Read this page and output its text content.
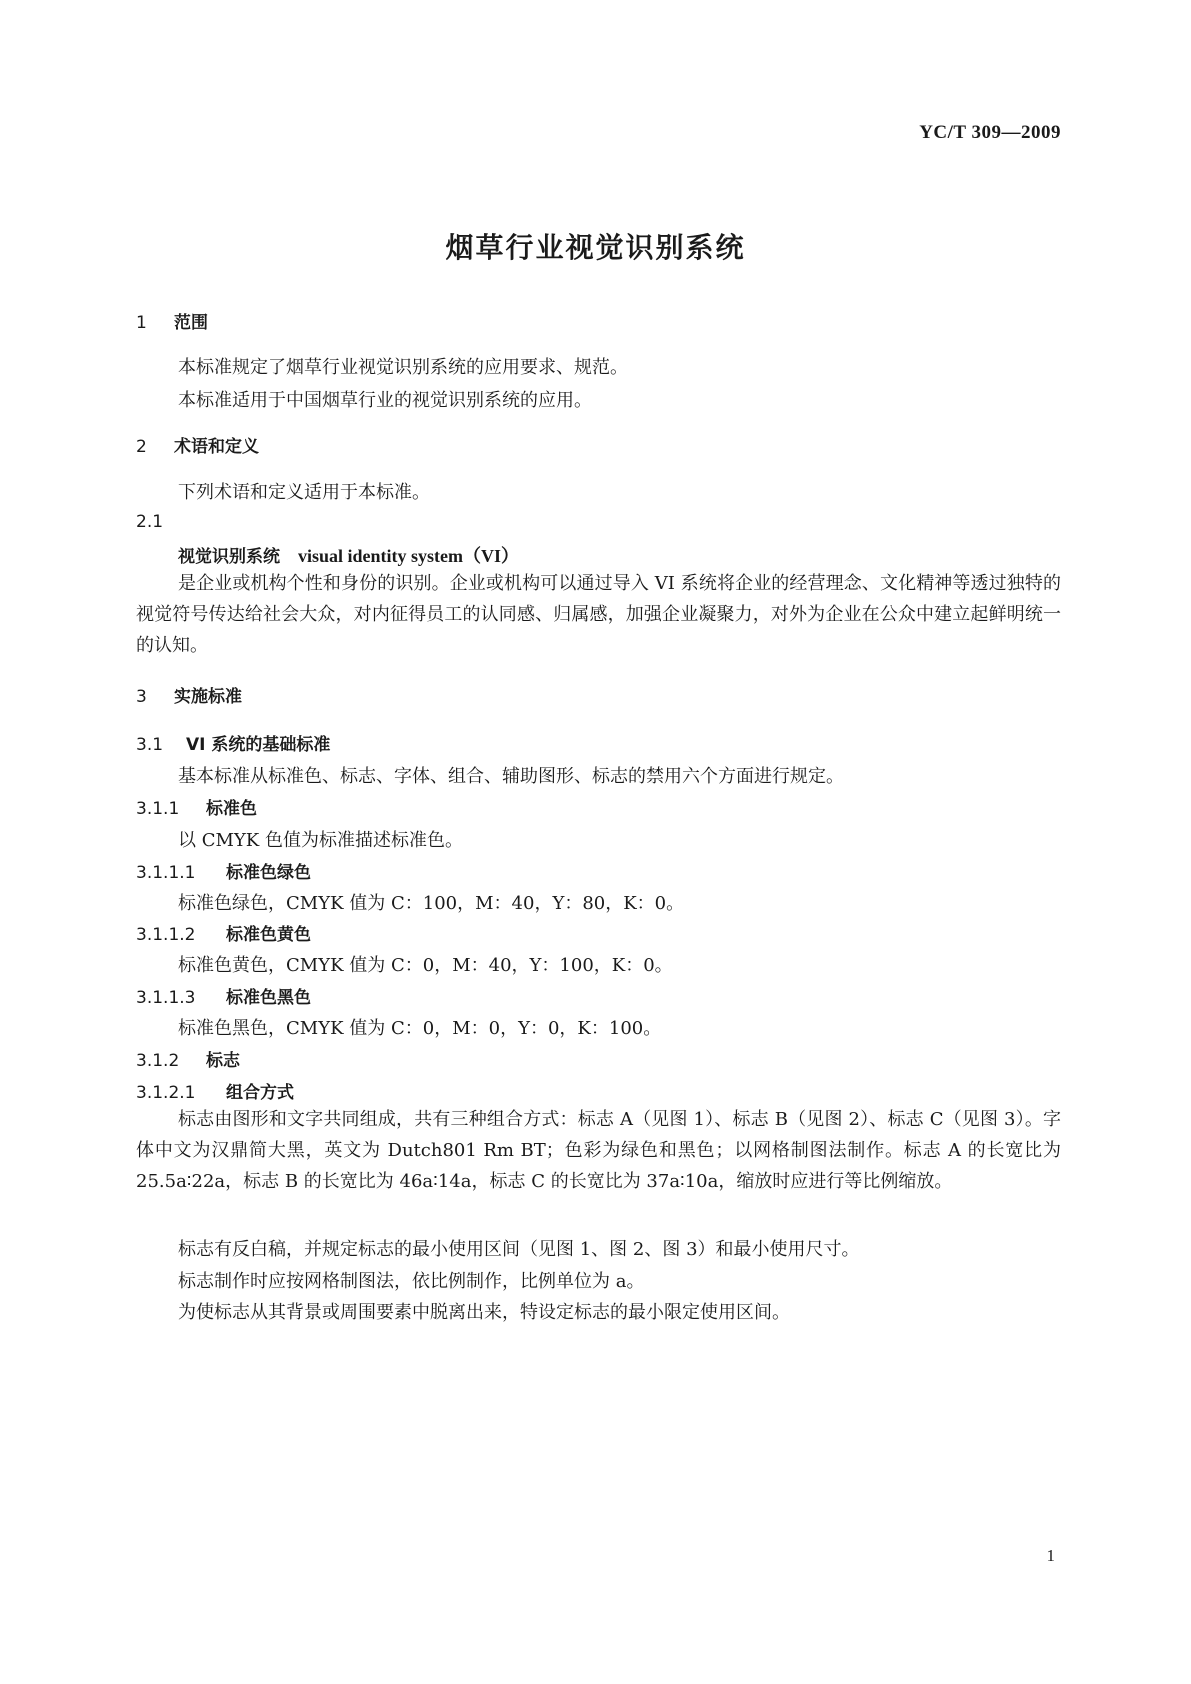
YC/T 309—2009
烟草行业视觉识别系统
1 范围
本标准规定了烟草行业视觉识别系统的应用要求、规范。
本标准适用于中国烟草行业的视觉识别系统的应用。
2 术语和定义
下列术语和定义适用于本标准。
2.1
视觉识别系统 visual identity system（VI）
是企业或机构个性和身份的识别。企业或机构可以通过导入 VI 系统将企业的经营理念、文化精神等透过独特的视觉符号传达给社会大众，对内征得员工的认同感、归属感，加强企业凝聚力，对外为企业在公众中建立起鲜明统一的认知。
3 实施标准
3.1 VI 系统的基础标准
基本标准从标准色、标志、字体、组合、辅助图形、标志的禁用六个方面进行规定。
3.1.1 标准色
以 CMYK 色值为标准描述标准色。
3.1.1.1 标准色绿色
标准色绿色，CMYK 值为 C：100，M：40，Y：80，K：0。
3.1.1.2 标准色黄色
标准色黄色，CMYK 值为 C：0，M：40，Y：100，K：0。
3.1.1.3 标准色黑色
标准色黑色，CMYK 值为 C：0，M：0，Y：0，K：100。
3.1.2 标志
3.1.2.1 组合方式
标志由图形和文字共同组成，共有三种组合方式：标志 A（见图 1）、标志 B（见图 2）、标志 C（见图 3）。字体中文为汉鼎简大黑，英文为 Dutch801 Rm BT；色彩为绿色和黑色；以网格制图法制作。标志 A 的长宽比为 25.5a∶22a，标志 B 的长宽比为 46a∶14a，标志 C 的长宽比为 37a∶10a，缩放时应进行等比例缩放。
标志有反白稿，并规定标志的最小使用区间（见图 1、图 2、图 3）和最小使用尺寸。
标志制作时应按网格制图法，依比例制作，比例单位为 a。
为使标志从其背景或周围要素中脱离出来，特设定标志的最小限定使用区间。
1
